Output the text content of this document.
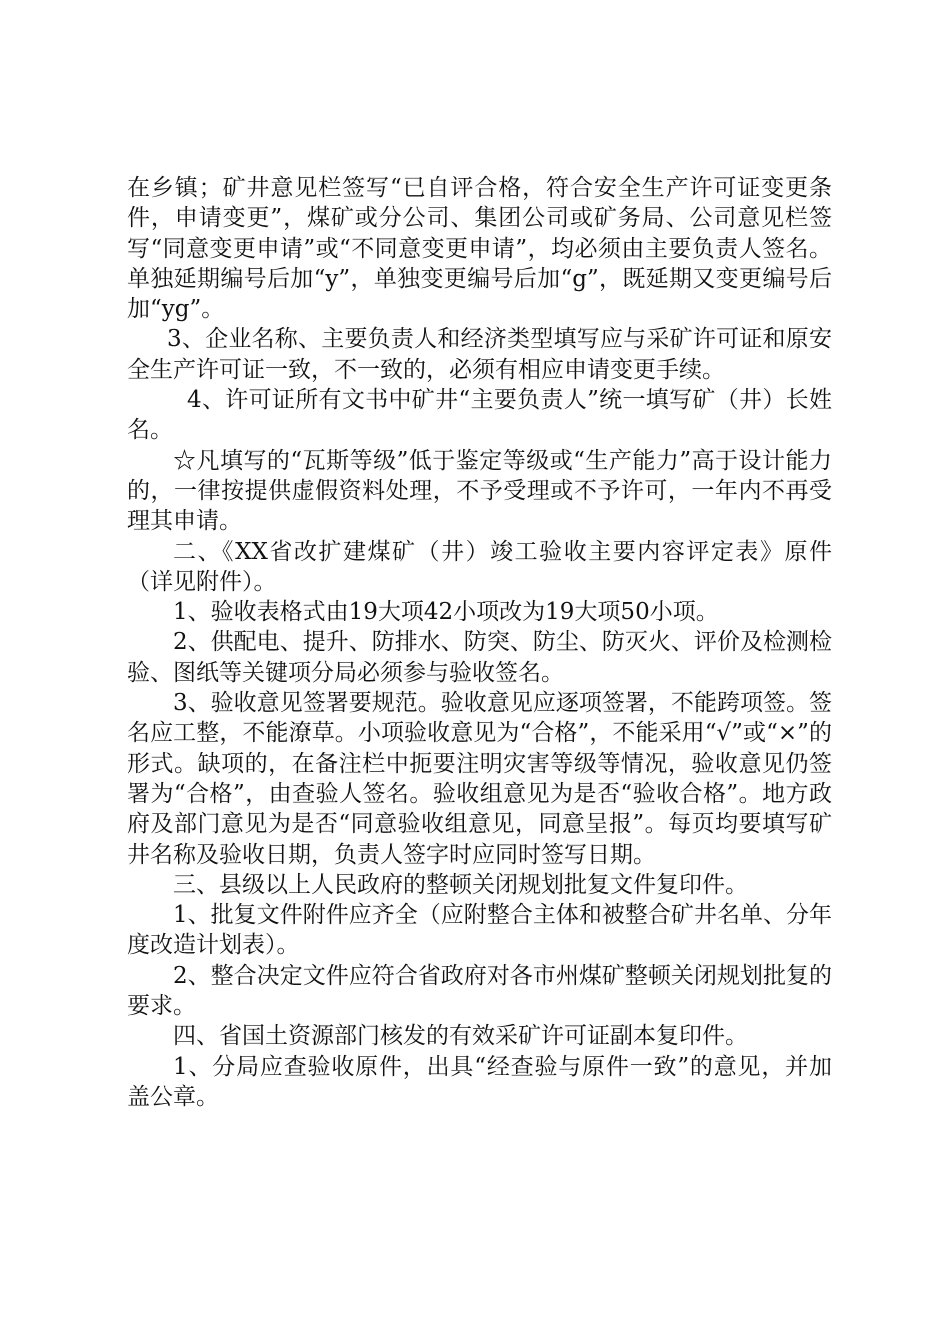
在乡镇；矿井意见栏签写“已自评合格，符合安全生产许可证变更条件，申请变更”，煤矿或分公司、集团公司或矿务局、公司意见栏签写“同意变更申请”或“不同意变更申请”，均必须由主要负责人签名。单独延期编号后加“y”，单独变更编号后加“g”，既延期又变更编号后加“yg”。

3、企业名称、主要负责人和经济类型填写应与采矿许可证和原安全生产许可证一致，不一致的，必须有相应申请变更手续。

4、许可证所有文书中矿井“主要负责人”统一填写矿（井）长姓名。

☆凡填写的“瓦斯等级”低于鉴定等级或“生产能力”高于设计能力的，一律按提供虚假资料处理，不予受理或不予许可，一年内不再受理其申请。

二、《XX省改扩建煤矿（井）竣工验收主要内容评定表》原件（详见附件）。

1、验收表格式由19大项42小项改为19大项50小项。

2、供配电、提升、防排水、防突、防尘、防灭火、评价及检测检验、图纸等关键项分局必须参与验收签名。

3、验收意见签署要规范。验收意见应逐项签署，不能跨项签。签名应工整，不能潦草。小项验收意见为“合格”，不能采用“√”或“×”的形式。缺项的，在备注栏中扼要注明灾害等级等情况，验收意见仍签署为“合格”，由查验人签名。验收组意见为是否“验收合格”。地方政府及部门意见为是否“同意验收组意见，同意呈报”。每页均要填写矿井名称及验收日期，负责人签字时应同时签写日期。

三、县级以上人民政府的整顿关闭规划批复文件复印件。

1、批复文件附件应齐全（应附整合主体和被整合矿井名单、分年度改造计划表）。

2、整合决定文件应符合省政府对各市州煤矿整顿关闭规划批复的要求。

四、省国土资源部门核发的有效采矿许可证副本复印件。

1、分局应查验收原件，出具“经查验与原件一致”的意见，并加盖公章。
